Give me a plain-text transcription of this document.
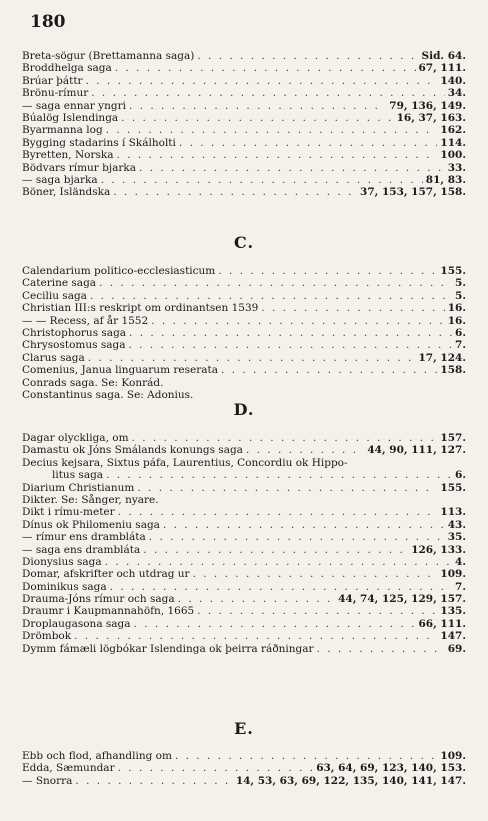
180
Breta-sögur (Brettamanna saga) . . .	Sid. 64.
Broddhelga saga . . .	67, 111.
Brúar þáttr . . .	140.
Brönu-rímur . . .	34.
— saga ennar yngri . . .	79, 136, 149.
Búalög Islendinga . . .	16, 37, 163.
Byarmanna log . . .	162.
Bygging stadarins í Skálholti . . .	114.
Byretten, Norska . . .	100.
Bödvars rímur bjarka . . .	33.
— saga bjarka . . .	81, 83.
Böner, Isländska . . .	37, 153, 157, 158.
C.
Calendarium politico-ecclesiasticum . . .	155.
Caterine saga . . .	5.
Ceciliu saga . . .	5.
Christian III:s reskript om ordinantsen 1539 . . .	16.
— — Recess, af år 1552 . . .	16.
Christophorus saga . . .	6.
Chrysostomus saga . . .	7.
Clarus saga . . .	17, 124.
Comenius, Janua linguarum reserata . . .	158.
Conrads saga. Se: Konrád.
Constantinus saga. Se: Adonius.
D.
Dagar olyckliga, om . . .	157.
Damastu ok Jóns Smálands konungs saga . . .	44, 90, 111, 127.
Decius kejsara, Sixtus páfa, Laurentius, Concordiu ok Hippo-
litus saga . . .	6.
Diarium Christianum . . .	155.
Dikter. Se: Sånger, nyare.
Dikt i rímu-meter . . .	113.
Dínus ok Philomeniu saga . . .	43.
— rímur ens drambláta . . .	35.
— saga ens drambláta . . .	126, 133.
Dionysius saga . . .	4.
Domar, afskrifter och utdrag ur . . .	109.
Dominikus saga . . .	7.
Drauma-Jóns rímur och saga . . .	44, 74, 125, 129, 157.
Draumr i Kaupmannahöfn, 1665 . . .	135.
Droplaugasona saga . . .	66, 111.
Drömbok . . .	147.
Dymm fámæli lögbókar Islendinga ok þeirra ráðningar . . .	69.
E.
Ebb och flod, afhandling om . . .	109.
Edda, Sæmundar . . .	63, 64, 69, 123, 140, 153.
— Snorra . . .	14, 53, 63, 69, 122, 135, 140, 141, 147.
